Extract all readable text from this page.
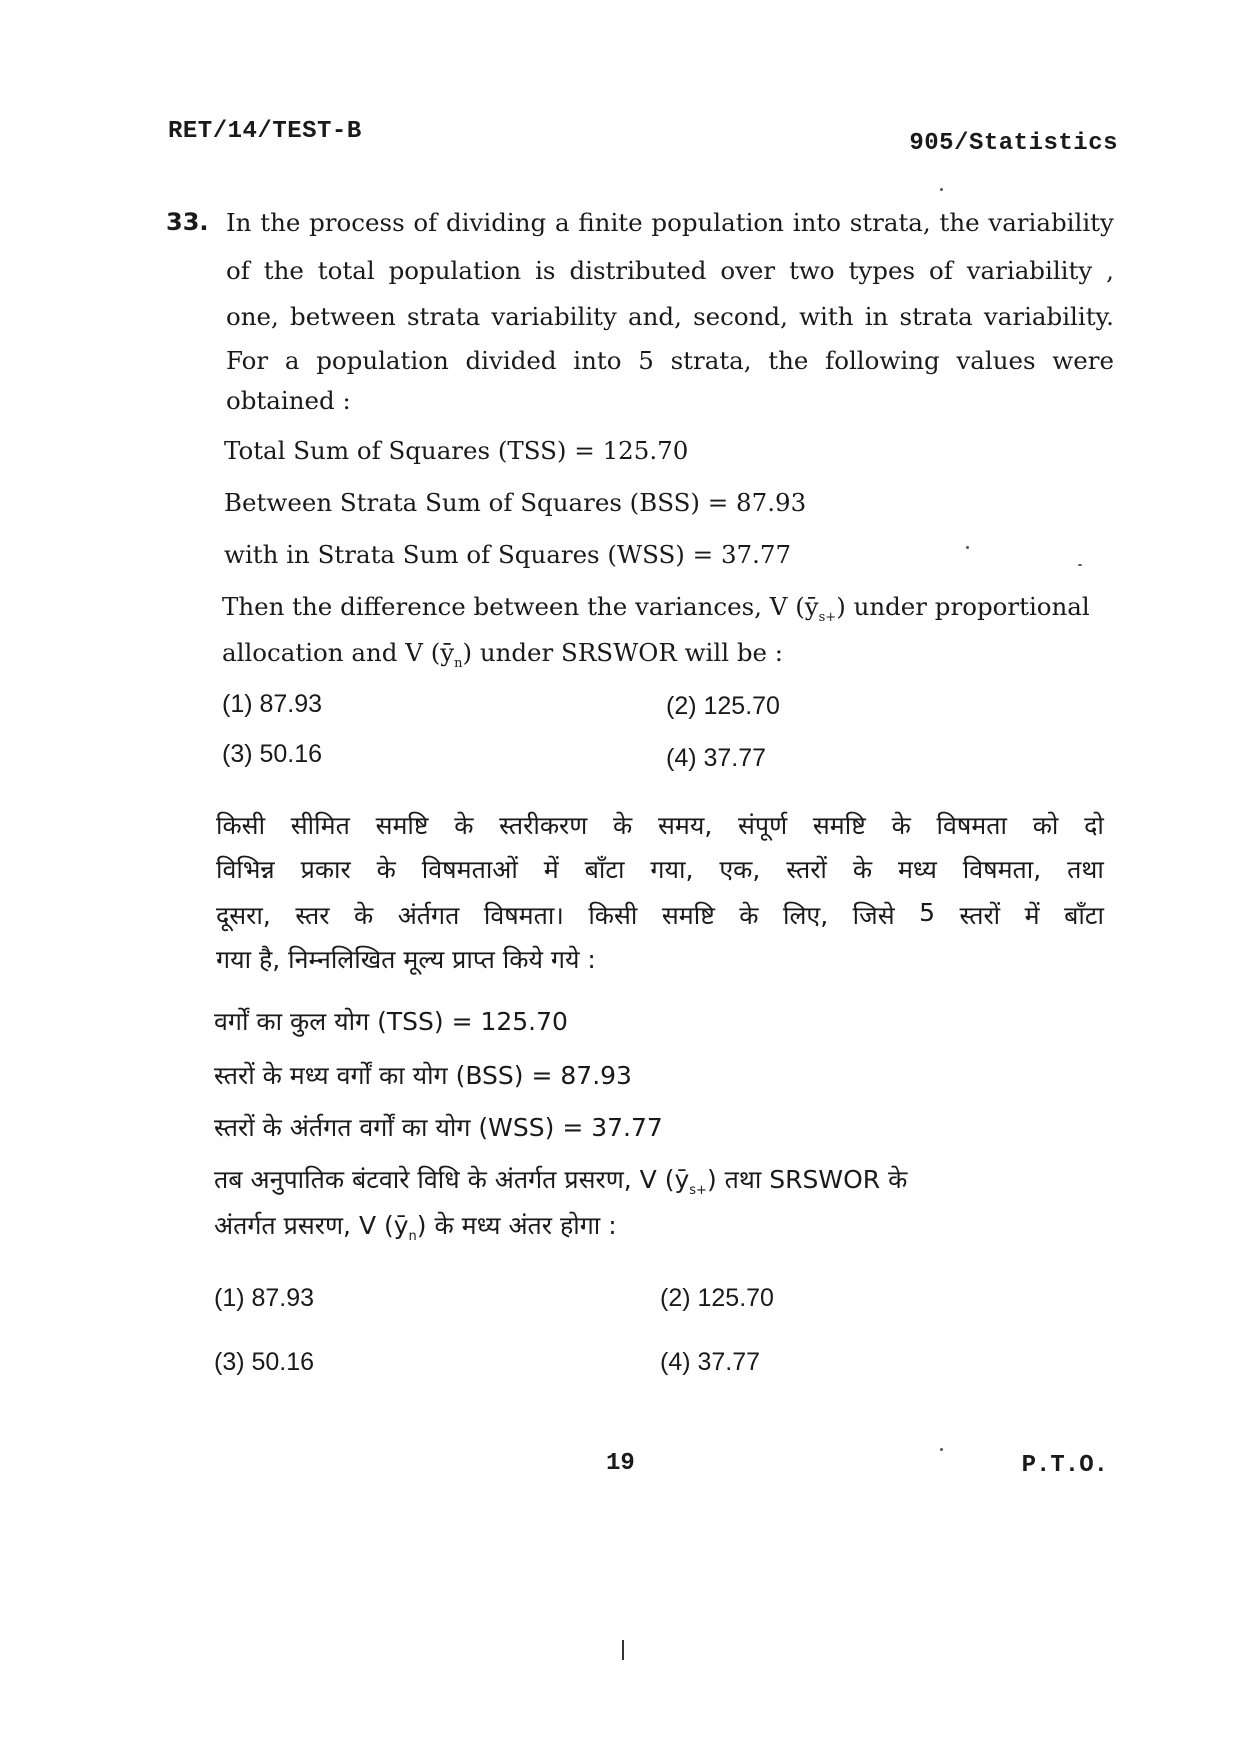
RET/14/TEST-B	905/Statistics
33. In the process of dividing a finite population into strata, the variability
of the total population is distributed over two types of variability ,
one, between strata variability and, second, with in strata variability.
For a population divided into 5 strata, the following values were
obtained :
Total Sum of Squares (TSS) = 125.70
Between Strata Sum of Squares (BSS) = 87.93
with in Strata Sum of Squares (WSS) = 37.77
Then the difference between the variances, V $(ȳ_{s+})$ under proportional
allocation and V $(ȳ_n)$ under SRSWOR will be :
(1) 87.93	(2) 125.70
(3) 50.16	(4) 37.77
किसी सीमित समष्टि के स्तरीकरण के समय, संपूर्ण समष्टि के विषमता को दो
विभिन्न प्रकार के विषमताओं में बाँटा गया, एक, स्तरों के मध्य विषमता, तथा
दूसरा, स्तर के अंर्तगत विषमता। किसी समष्टि के लिए, जिसे 5 स्तरों में बाँटा
गया है, निम्नलिखित मूल्य प्राप्त किये गये :
वर्गों का कुल योग (TSS) = 125.70
स्तरों के मध्य वर्गों का योग (BSS) = 87.93
स्तरों के अंर्तगत वर्गों का योग (WSS) = 37.77
तब अनुपातिक बंटवारे विधि के अंतर्गत प्रसरण, V $(ȳ_{s+})$ तथा SRSWOR के
अंतर्गत प्रसरण, V $(ȳ_n)$ के मध्य अंतर होगा :
(1) 87.93	(2) 125.70
(3) 50.16	(4) 37.77
19	P.T.O.
